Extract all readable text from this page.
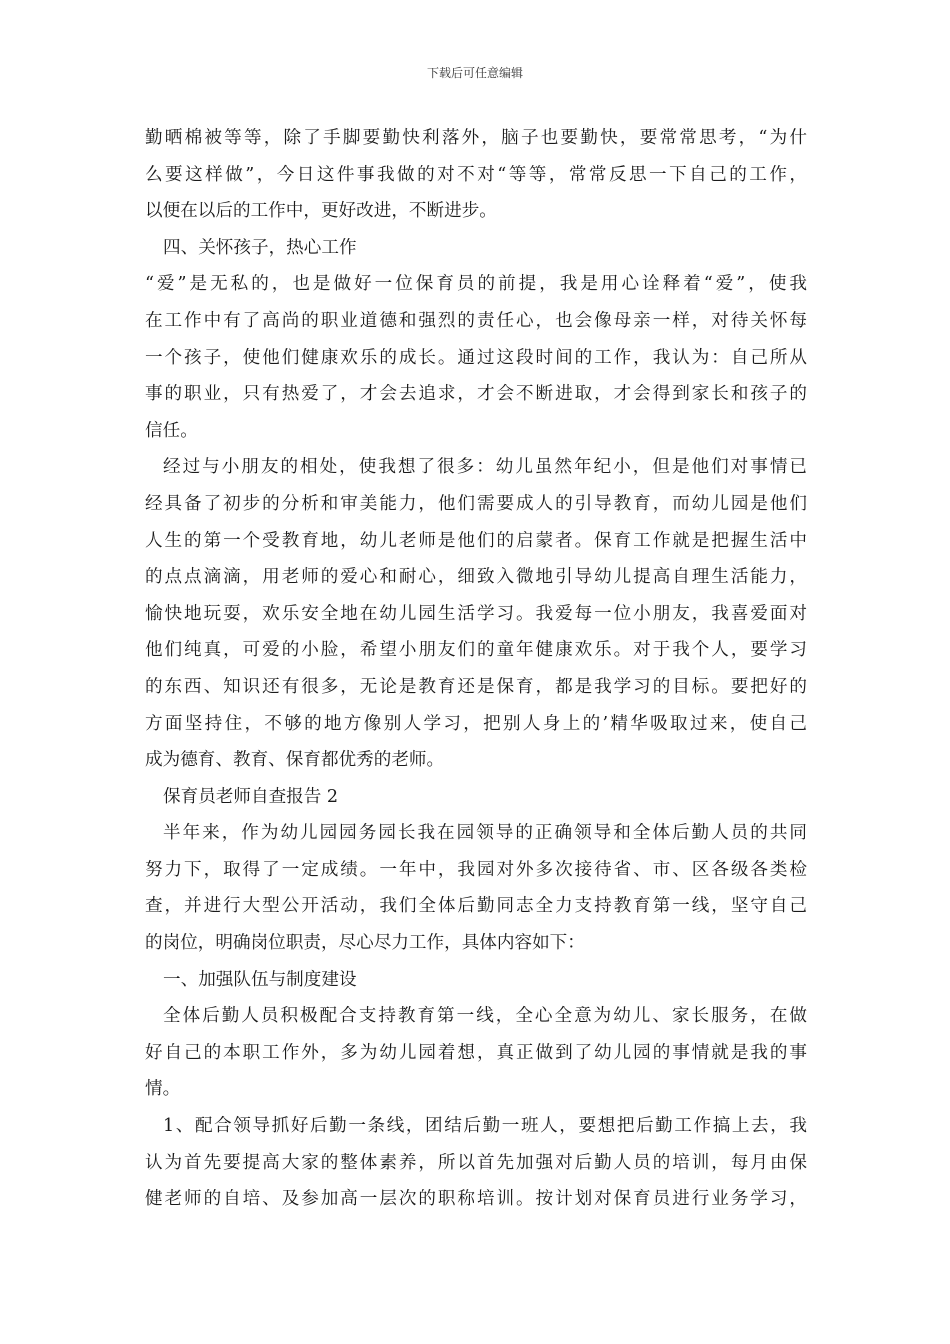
下载后可任意编辑
勤晒棉被等等，除了手脚要勤快利落外，脑子也要勤快，要常常思考，“为什
么要这样做”，今日这件事我做的对不对“等等，常常反思一下自己的工作，
以便在以后的工作中，更好改进，不断进步。
四、关怀孩子，热心工作
“爱”是无私的，也是做好一位保育员的前提，我是用心诠释着“爱”，使我
在工作中有了高尚的职业道德和强烈的责任心，也会像母亲一样，对待关怀每
一个孩子，使他们健康欢乐的成长。通过这段时间的工作，我认为：自己所从
事的职业，只有热爱了，才会去追求，才会不断进取，才会得到家长和孩子的
信任。
经过与小朋友的相处，使我想了很多：幼儿虽然年纪小，但是他们对事情已
经具备了初步的分析和审美能力，他们需要成人的引导教育，而幼儿园是他们
人生的第一个受教育地，幼儿老师是他们的启蒙者。保育工作就是把握生活中
的点点滴滴，用老师的爱心和耐心，细致入微地引导幼儿提高自理生活能力，
愉快地玩耍，欢乐安全地在幼儿园生活学习。我爱每一位小朋友，我喜爱面对
他们纯真，可爱的小脸，希望小朋友们的童年健康欢乐。对于我个人，要学习
的东西、知识还有很多，无论是教育还是保育，都是我学习的目标。要把好的
方面坚持住，不够的地方像别人学习，把别人身上的’精华吸取过来，使自己
成为德育、教育、保育都优秀的老师。
保育员老师自查报告 2
半年来，作为幼儿园园务园长我在园领导的正确领导和全体后勤人员的共同
努力下，取得了一定成绩。一年中，我园对外多次接待省、市、区各级各类检
查，并进行大型公开活动，我们全体后勤同志全力支持教育第一线，坚守自己
的岗位，明确岗位职责，尽心尽力工作，具体内容如下：
一、加强队伍与制度建设
全体后勤人员积极配合支持教育第一线，全心全意为幼儿、家长服务，在做
好自己的本职工作外，多为幼儿园着想，真正做到了幼儿园的事情就是我的事
情。
1、配合领导抓好后勤一条线，团结后勤一班人，要想把后勤工作搞上去，我
认为首先要提高大家的整体素养，所以首先加强对后勤人员的培训，每月由保
健老师的自培、及参加高一层次的职称培训。按计划对保育员进行业务学习，
